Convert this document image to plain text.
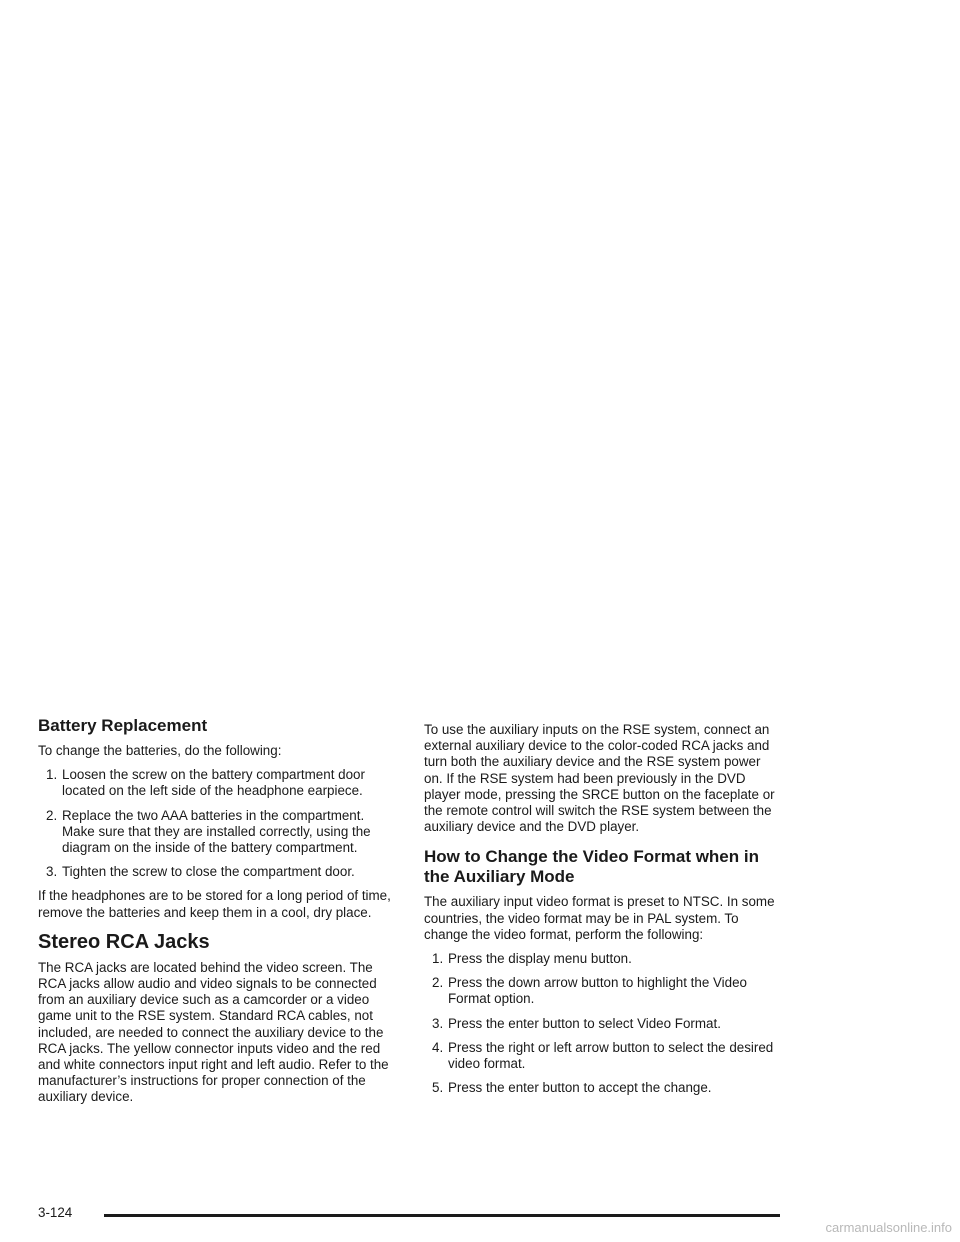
Battery Replacement

To change the batteries, do the following:

1. Loosen the screw on the battery compartment door located on the left side of the headphone earpiece.
2. Replace the two AAA batteries in the compartment. Make sure that they are installed correctly, using the diagram on the inside of the battery compartment.
3. Tighten the screw to close the compartment door.

If the headphones are to be stored for a long period of time, remove the batteries and keep them in a cool, dry place.

Stereo RCA Jacks

The RCA jacks are located behind the video screen. The RCA jacks allow audio and video signals to be connected from an auxiliary device such as a camcorder or a video game unit to the RSE system. Standard RCA cables, not included, are needed to connect the auxiliary device to the RCA jacks. The yellow connector inputs video and the red and white connectors input right and left audio. Refer to the manufacturer’s instructions for proper connection of the auxiliary device.

To use the auxiliary inputs on the RSE system, connect an external auxiliary device to the color-coded RCA jacks and turn both the auxiliary device and the RSE system power on. If the RSE system had been previously in the DVD player mode, pressing the SRCE button on the faceplate or the remote control will switch the RSE system between the auxiliary device and the DVD player.

How to Change the Video Format when in the Auxiliary Mode

The auxiliary input video format is preset to NTSC. In some countries, the video format may be in PAL system. To change the video format, perform the following:

1. Press the display menu button.
2. Press the down arrow button to highlight the Video Format option.
3. Press the enter button to select Video Format.
4. Press the right or left arrow button to select the desired video format.
5. Press the enter button to accept the change.
3-124
carmanualsonline.info
